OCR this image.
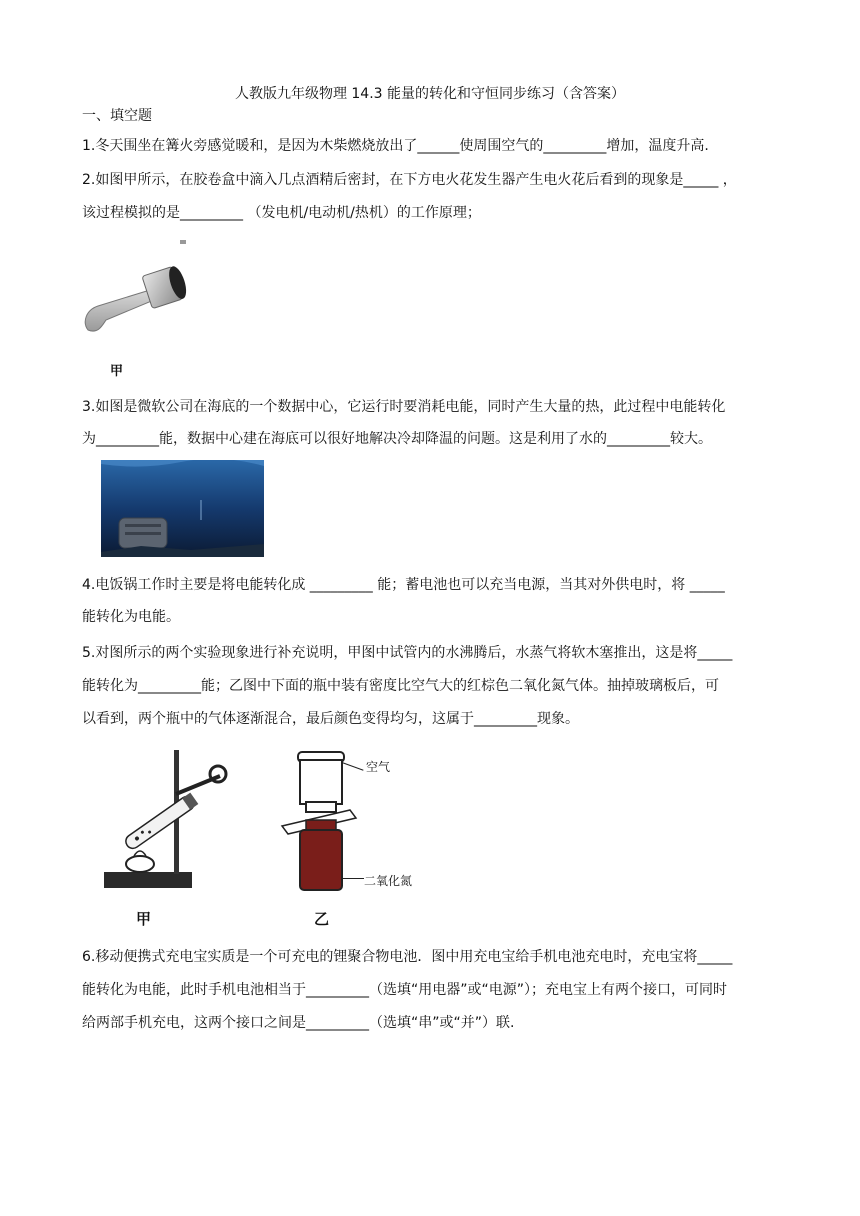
人教版九年级物理 14.3 能量的转化和守恒同步练习（含答案）
一、填空题
1.冬天围坐在篝火旁感觉暖和，是因为木柴燃烧放出了______使周围空气的_________增加，温度升高.
2.如图甲所示，在胶卷盒中滴入几点酒精后密封，在下方电火花发生器产生电火花后看到的现象是_____ ，
该过程模拟的是_________ （发电机/电动机/热机）的工作原理；
甲
3.如图是微软公司在海底的一个数据中心，它运行时要消耗电能，同时产生大量的热，此过程中电能转化
为_________能，数据中心建在海底可以很好地解决冷却降温的问题。这是利用了水的_________较大。
4.电饭锅工作时主要是将电能转化成 _________ 能；蓄电池也可以充当电源，当其对外供电时，将 _____
能转化为电能。
5.对图所示的两个实验现象进行补充说明，甲图中试管内的水沸腾后，水蒸气将软木塞推出，这是将_____
能转化为_________能；乙图中下面的瓶中装有密度比空气大的红棕色二氧化氮气体。抽掉玻璃板后，可
以看到，两个瓶中的气体逐渐混合，最后颜色变得均匀，这属于_________现象。
甲
空气
二氧化氮
乙
6.移动便携式充电宝实质是一个可充电的锂聚合物电池．图中用充电宝给手机电池充电时，充电宝将_____
能转化为电能，此时手机电池相当于_________（选填“用电器”或“电源”）；充电宝上有两个接口，可同时
给两部手机充电，这两个接口之间是_________（选填“串”或“并”）联.
